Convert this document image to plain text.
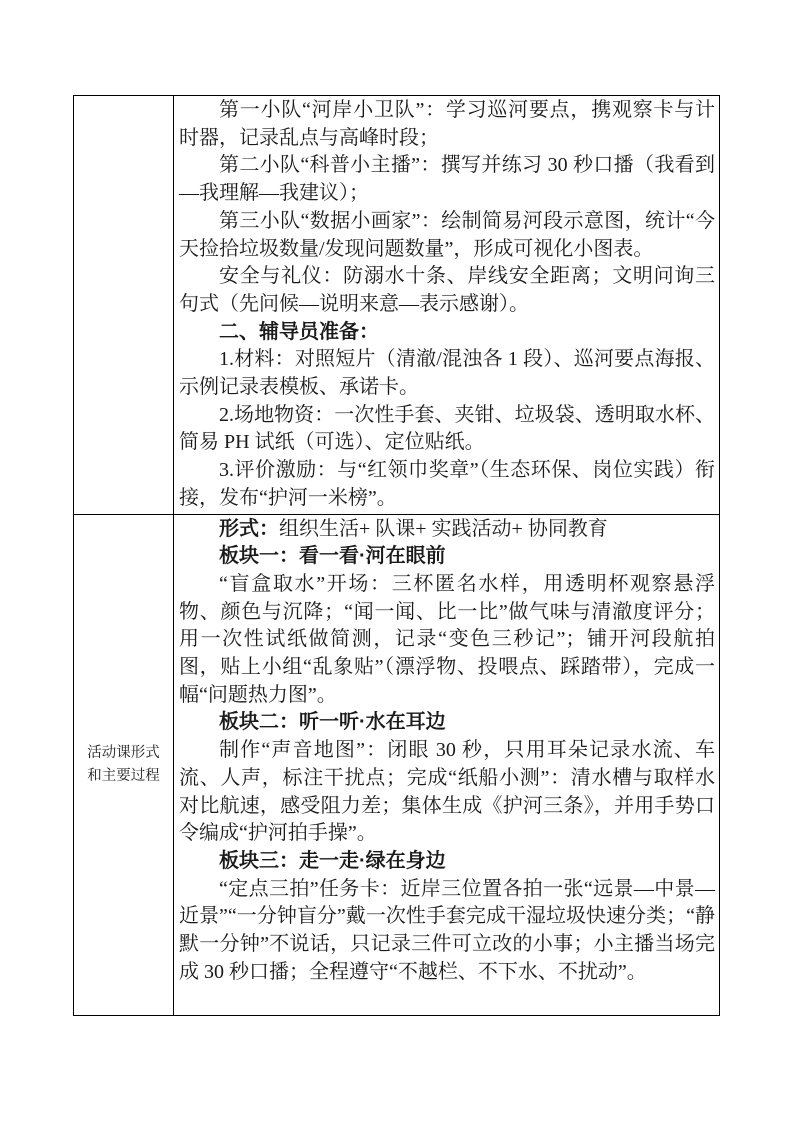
第一小队“河岸小卫队”：学习巡河要点，携观察卡与计时器，记录乱点与高峰时段；
第二小队“科普小主播”：撰写并练习 30 秒口播（我看到—我理解—我建议）；
第三小队“数据小画家”：绘制简易河段示意图，统计“今天捡拾垃圾数量/发现问题数量”，形成可视化小图表。
安全与礼仪：防溺水十条、岸线安全距离；文明问询三句式（先问候—说明来意—表示感谢）。
二、辅导员准备：
1.材料：对照短片（清澈/混浊各 1 段）、巡河要点海报、示例记录表模板、承诺卡。
2.场地物资：一次性手套、夹钳、垃圾袋、透明取水杯、简易 PH 试纸（可选）、定位贴纸。
3.评价激励：与“红领巾奖章”（生态环保、岗位实践）衔接，发布“护河一米榜”。
活动课形式
和主要过程
形式：组织生活+ 队课+ 实践活动+ 协同教育
板块一：看一看·河在眼前
“盲盒取水”开场：三杯匿名水样，用透明杯观察悬浮物、颜色与沉降；“闻一闻、比一比”做气味与清澈度评分；用一次性试纸做简测，记录“变色三秒记”；铺开河段航拍图，贴上小组“乱象贴”（漂浮物、投喂点、踩踏带），完成一幅“问题热力图”。
板块二：听一听·水在耳边
制作“声音地图”：闭眼 30 秒，只用耳朵记录水流、车流、人声，标注干扰点；完成“纸船小测”：清水槽与取样水对比航速，感受阻力差；集体生成《护河三条》，并用手势口令编成“护河拍手操”。
板块三：走一走·绿在身边
“定点三拍”任务卡：近岸三位置各拍一张“远景—中景—近景”“一分钟盲分”戴一次性手套完成干湿垃圾快速分类；“静默一分钟”不说话，只记录三件可立改的小事；小主播当场完成 30 秒口播；全程遵守“不越栏、不下水、不扰动”。
